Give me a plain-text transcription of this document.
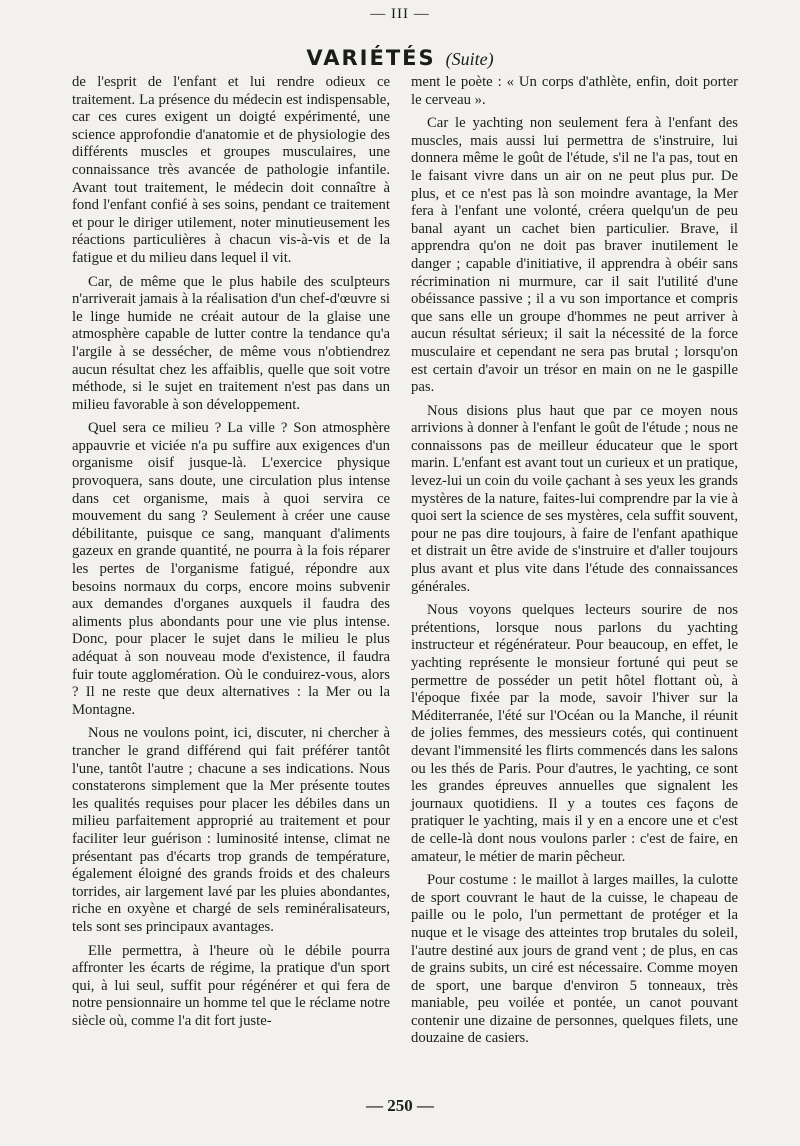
— III —
VARIÉTÉS (Suite)

de l'esprit de l'enfant et lui rendre odieux ce traitement. La présence du médecin est indispensable, car ces cures exigent un doigté expérimenté, une science approfondie d'anatomie et de physiologie des différents muscles et groupes musculaires, une connaissance très avancée de pathologie infantile. Avant tout traitement, le médecin doit connaître à fond l'enfant confié à ses soins, pendant ce traitement et pour le diriger utilement, noter minutieusement les réactions particulières à chacun vis-à-vis et de la fatigue et du milieu dans lequel il vit.

Car, de même que le plus habile des sculpteurs n'arriverait jamais à la réalisation d'un chef-d'œuvre si le linge humide ne créait autour de la glaise une atmosphère capable de lutter contre la tendance qu'a l'argile à se dessécher, de même vous n'obtiendrez aucun résultat chez les affaiblis, quelle que soit votre méthode, si le sujet en traitement n'est pas dans un milieu favorable à son développement.

Quel sera ce milieu ? La ville ? Son atmosphère appauvrie et viciée n'a pu suffire aux exigences d'un organisme oisif jusque-là. L'exercice physique provoquera, sans doute, une circulation plus intense dans cet organisme, mais à quoi servira ce mouvement du sang ? Seulement à créer une cause débilitante, puisque ce sang, manquant d'aliments gazeux en grande quantité, ne pourra à la fois réparer les pertes de l'organisme fatigué, répondre aux besoins normaux du corps, encore moins subvenir aux demandes d'organes auxquels il faudra des aliments plus abondants pour une vie plus intense. Donc, pour placer le sujet dans le milieu le plus adéquat à son nouveau mode d'existence, il faudra fuir toute agglomération. Où le conduirez-vous, alors ? Il ne reste que deux alternatives : la Mer ou la Montagne.

Nous ne voulons point, ici, discuter, ni chercher à trancher le grand différend qui fait préférer tantôt l'une, tantôt l'autre ; chacune a ses indications. Nous constaterons simplement que la Mer présente toutes les qualités requises pour placer les débiles dans un milieu parfaitement approprié au traitement et pour faciliter leur guérison : luminosité intense, climat ne présentant pas d'écarts trop grands de température, également éloigné des grands froids et des chaleurs torrides, air largement lavé par les pluies abondantes, riche en oxyène et chargé de sels reminéralisateurs, tels sont ses principaux avantages.

Elle permettra, à l'heure où le débile pourra affronter les écarts de régime, la pratique d'un sport qui, à lui seul, suffit pour régénérer et qui fera de notre pensionnaire un homme tel que le réclame notre siècle où, comme l'a dit fort juste-

ment le poète : « Un corps d'athlète, enfin, doit porter le cerveau ».

Car le yachting non seulement fera à l'enfant des muscles, mais aussi lui permettra de s'instruire, lui donnera même le goût de l'étude, s'il ne l'a pas, tout en le faisant vivre dans un air on ne peut plus pur. De plus, et ce n'est pas là son moindre avantage, la Mer fera à l'enfant une volonté, créera quelqu'un de peu banal ayant un cachet bien particulier. Brave, il apprendra qu'on ne doit pas braver inutilement le danger ; capable d'initiative, il apprendra à obéir sans récrimination ni murmure, car il sait l'utilité d'une obéissance passive ; il a vu son importance et compris que sans elle un groupe d'hommes ne peut arriver à aucun résultat sérieux; il sait la nécessité de la force musculaire et cependant ne sera pas brutal ; lorsqu'on est certain d'avoir un trésor en main on ne le gaspille pas.

Nous disions plus haut que par ce moyen nous arrivions à donner à l'enfant le goût de l'étude ; nous ne connaissons pas de meilleur éducateur que le sport marin. L'enfant est avant tout un curieux et un pratique, levez-lui un coin du voile çachant à ses yeux les grands mystères de la nature, faites-lui comprendre par la vie à quoi sert la science de ses mystères, cela suffit souvent, pour ne pas dire toujours, à faire de l'enfant apathique et distrait un être avide de s'instruire et d'aller toujours plus avant et plus vite dans l'étude des connaissances générales.

Nous voyons quelques lecteurs sourire de nos prétentions, lorsque nous parlons du yachting instructeur et régénérateur. Pour beaucoup, en effet, le yachting représente le monsieur fortuné qui peut se permettre de posséder un petit hôtel flottant où, à l'époque fixée par la mode, savoir l'hiver sur la Méditerranée, l'été sur l'Océan ou la Manche, il réunit de jolies femmes, des messieurs cotés, qui continuent devant l'immensité les flirts commencés dans les salons ou les thés de Paris. Pour d'autres, le yachting, ce sont les grandes épreuves annuelles que signalent les journaux quotidiens. Il y a toutes ces façons de pratiquer le yachting, mais il y en a encore une et c'est de celle-là dont nous voulons parler : c'est de faire, en amateur, le métier de marin pêcheur.

Pour costume : le maillot à larges mailles, la culotte de sport couvrant le haut de la cuisse, le chapeau de paille ou le polo, l'un permettant de protéger et la nuque et le visage des atteintes trop brutales du soleil, l'autre destiné aux jours de grand vent ; de plus, en cas de grains subits, un ciré est nécessaire. Comme moyen de sport, une barque d'environ 5 tonneaux, très maniable, peu voilée et pontée, un canot pouvant contenir une dizaine de personnes, quelques filets, une douzaine de casiers.

— 250 —
